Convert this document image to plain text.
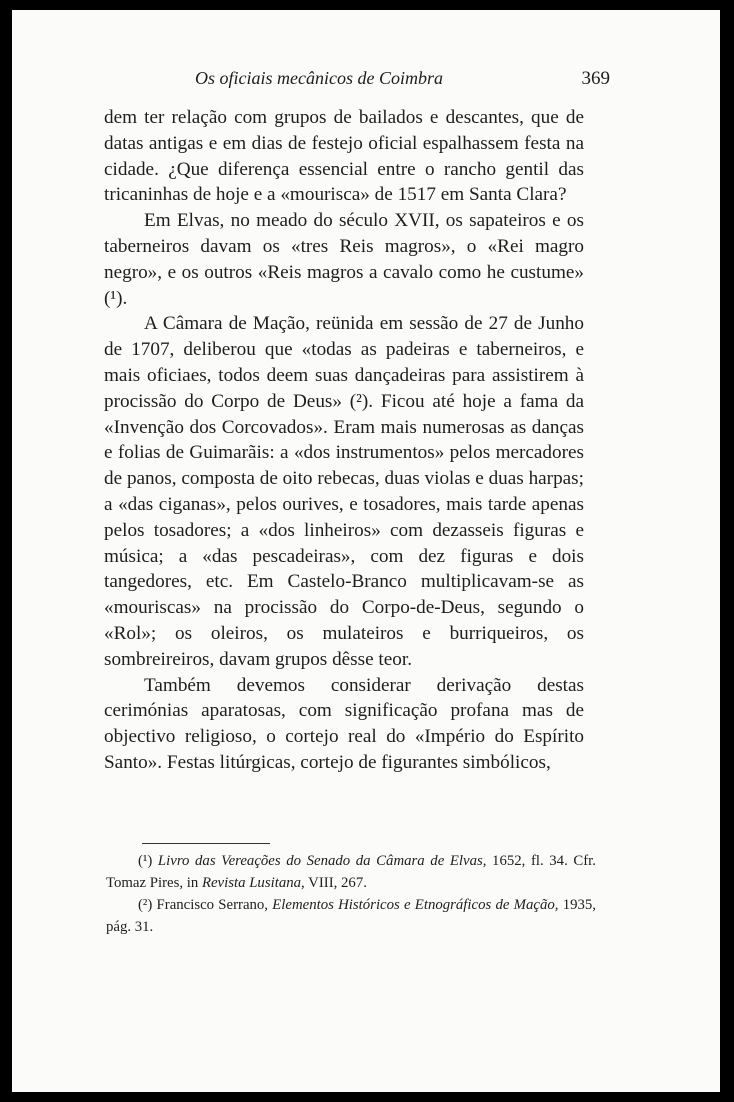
Os oficiais mecânicos de Coimbra	369

dem ter relação com grupos de bailados e descantes, que de datas antigas e em dias de festejo oficial espalhassem festa na cidade. ¿Que diferença essencial entre o rancho gentil das tricaninhas de hoje e a «mourisca» de 1517 em Santa Clara?

Em Elvas, no meado do século XVII, os sapateiros e os taberneiros davam os «tres Reis magros», o «Rei magro negro», e os outros «Reis magros a cavalo como he custume» (¹).

A Câmara de Mação, reünida em sessão de 27 de Junho de 1707, deliberou que «todas as padeiras e taberneiros, e mais oficiaes, todos deem suas dançadeiras para assistirem à procissão do Corpo de Deus» (²). Ficou até hoje a fama da «Invenção dos Corcovados». Eram mais numerosas as danças e folias de Guimarãis: a «dos instrumentos» pelos mercadores de panos, composta de oito rebecas, duas violas e duas harpas; a «das ciganas», pelos ourives, e tosadores, mais tarde apenas pelos tosadores; a «dos linheiros» com dezasseis figuras e música; a «das pescadeiras», com dez figuras e dois tangedores, etc. Em Castelo-Branco multiplicavam-se as «mouriscas» na procissão do Corpo-de-Deus, segundo o «Rol»; os oleiros, os mulateiros e burriqueiros, os sombreireiros, davam grupos dêsse teor.

Também devemos considerar derivação destas cerimónias aparatosas, com significação profana mas de objectivo religioso, o cortejo real do «Império do Espírito Santo». Festas litúrgicas, cortejo de figurantes simbólicos,

(¹) Livro das Vereações do Senado da Câmara de Elvas, 1652, fl. 34. Cfr. Tomaz Pires, in Revista Lusitana, VIII, 267.

(²) Francisco Serrano, Elementos Históricos e Etnográficos de Mação, 1935, pág. 31.
